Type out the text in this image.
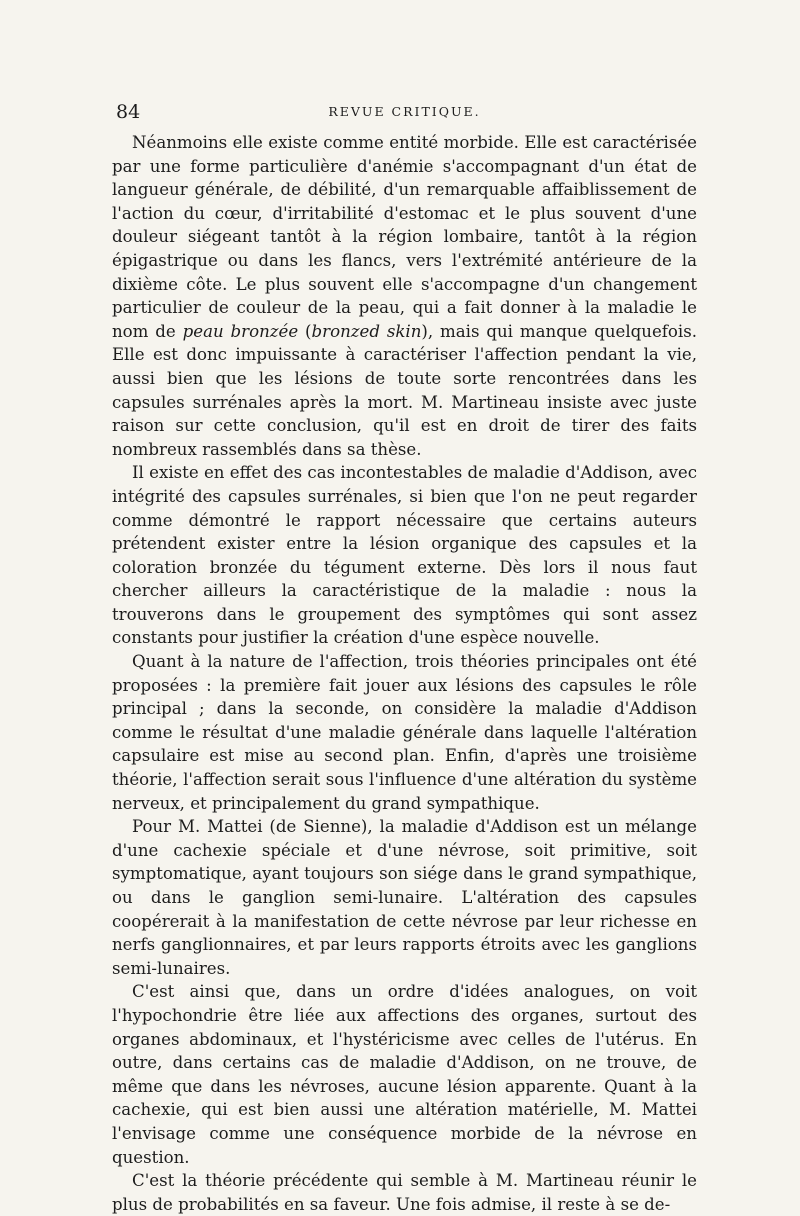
84	REVUE CRITIQUE.

Néanmoins elle existe comme entité morbide. Elle est caractérisée par une forme particulière d'anémie s'accompagnant d'un état de langueur générale, de débilité, d'un remarquable affaiblissement de l'action du cœur, d'irritabilité d'estomac et le plus souvent d'une douleur siégeant tantôt à la région lombaire, tantôt à la région épigastrique ou dans les flancs, vers l'extrémité antérieure de la dixième côte. Le plus souvent elle s'accompagne d'un changement particulier de couleur de la peau, qui a fait donner à la maladie le nom de peau bronzée (bronzed skin), mais qui manque quelquefois. Elle est donc impuissante à caractériser l'affection pendant la vie, aussi bien que les lésions de toute sorte rencontrées dans les capsules surrénales après la mort. M. Martineau insiste avec juste raison sur cette conclusion, qu'il est en droit de tirer des faits nombreux rassemblés dans sa thèse.

Il existe en effet des cas incontestables de maladie d'Addison, avec intégrité des capsules surrénales, si bien que l'on ne peut regarder comme démontré le rapport nécessaire que certains auteurs prétendent exister entre la lésion organique des capsules et la coloration bronzée du tégument externe. Dès lors il nous faut chercher ailleurs la caractéristique de la maladie : nous la trouverons dans le groupement des symptômes qui sont assez constants pour justifier la création d'une espèce nouvelle.

Quant à la nature de l'affection, trois théories principales ont été proposées : la première fait jouer aux lésions des capsules le rôle principal ; dans la seconde, on considère la maladie d'Addison comme le résultat d'une maladie générale dans laquelle l'altération capsulaire est mise au second plan. Enfin, d'après une troisième théorie, l'affection serait sous l'influence d'une altération du système nerveux, et principalement du grand sympathique.

Pour M. Mattei (de Sienne), la maladie d'Addison est un mélange d'une cachexie spéciale et d'une névrose, soit primitive, soit symptomatique, ayant toujours son siége dans le grand sympathique, ou dans le ganglion semi-lunaire. L'altération des capsules coopérerait à la manifestation de cette névrose par leur richesse en nerfs ganglionnaires, et par leurs rapports étroits avec les ganglions semi-lunaires.

C'est ainsi que, dans un ordre d'idées analogues, on voit l'hypochondrie être liée aux affections des organes, surtout des organes abdominaux, et l'hystéricisme avec celles de l'utérus. En outre, dans certains cas de maladie d'Addison, on ne trouve, de même que dans les névroses, aucune lésion apparente. Quant à la cachexie, qui est bien aussi une altération matérielle, M. Mattei l'envisage comme une conséquence morbide de la névrose en question.

C'est la théorie précédente qui semble à M. Martineau réunir le plus de probabilités en sa faveur. Une fois admise, il reste à se de-
